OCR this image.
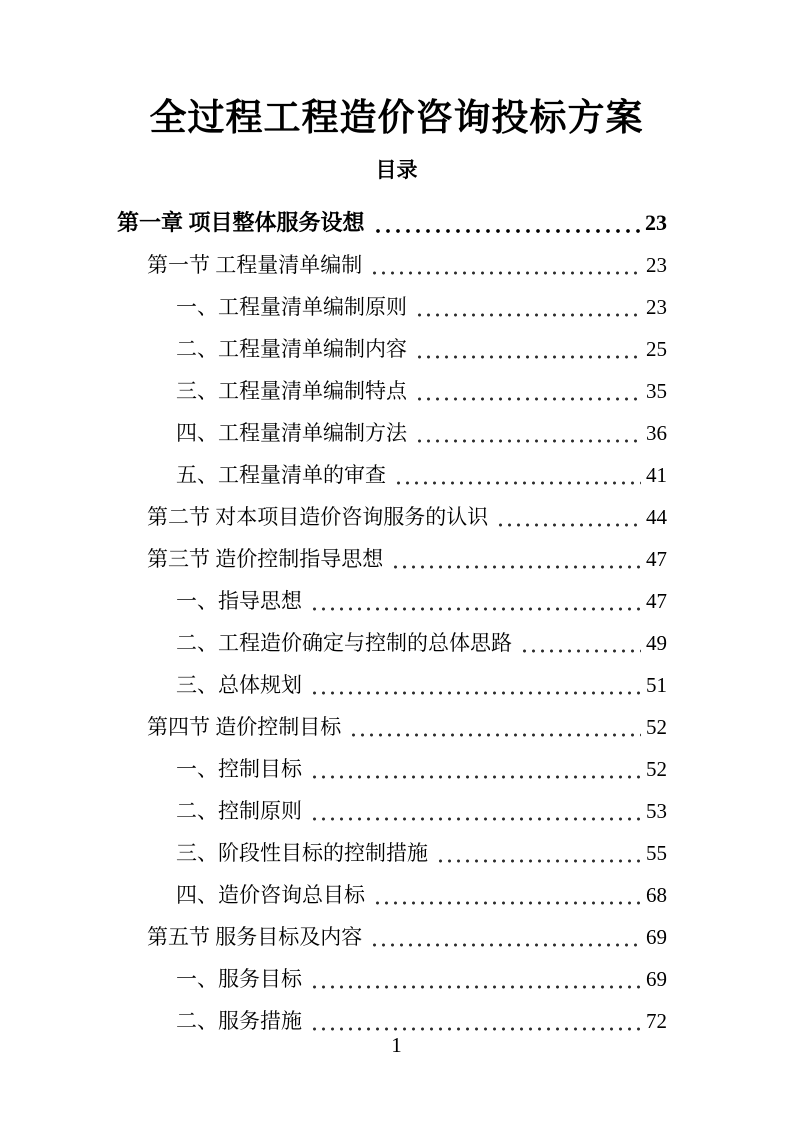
全过程工程造价咨询投标方案
目录
第一章 项目整体服务设想	23
第一节 工程量清单编制	23
一、工程量清单编制原则	23
二、工程量清单编制内容	25
三、工程量清单编制特点	35
四、工程量清单编制方法	36
五、工程量清单的审查	41
第二节 对本项目造价咨询服务的认识	44
第三节 造价控制指导思想	47
一、指导思想	47
二、工程造价确定与控制的总体思路	49
三、总体规划	51
第四节 造价控制目标	52
一、控制目标	52
二、控制原则	53
三、阶段性目标的控制措施	55
四、造价咨询总目标	68
第五节 服务目标及内容	69
一、服务目标	69
二、服务措施	72
1
